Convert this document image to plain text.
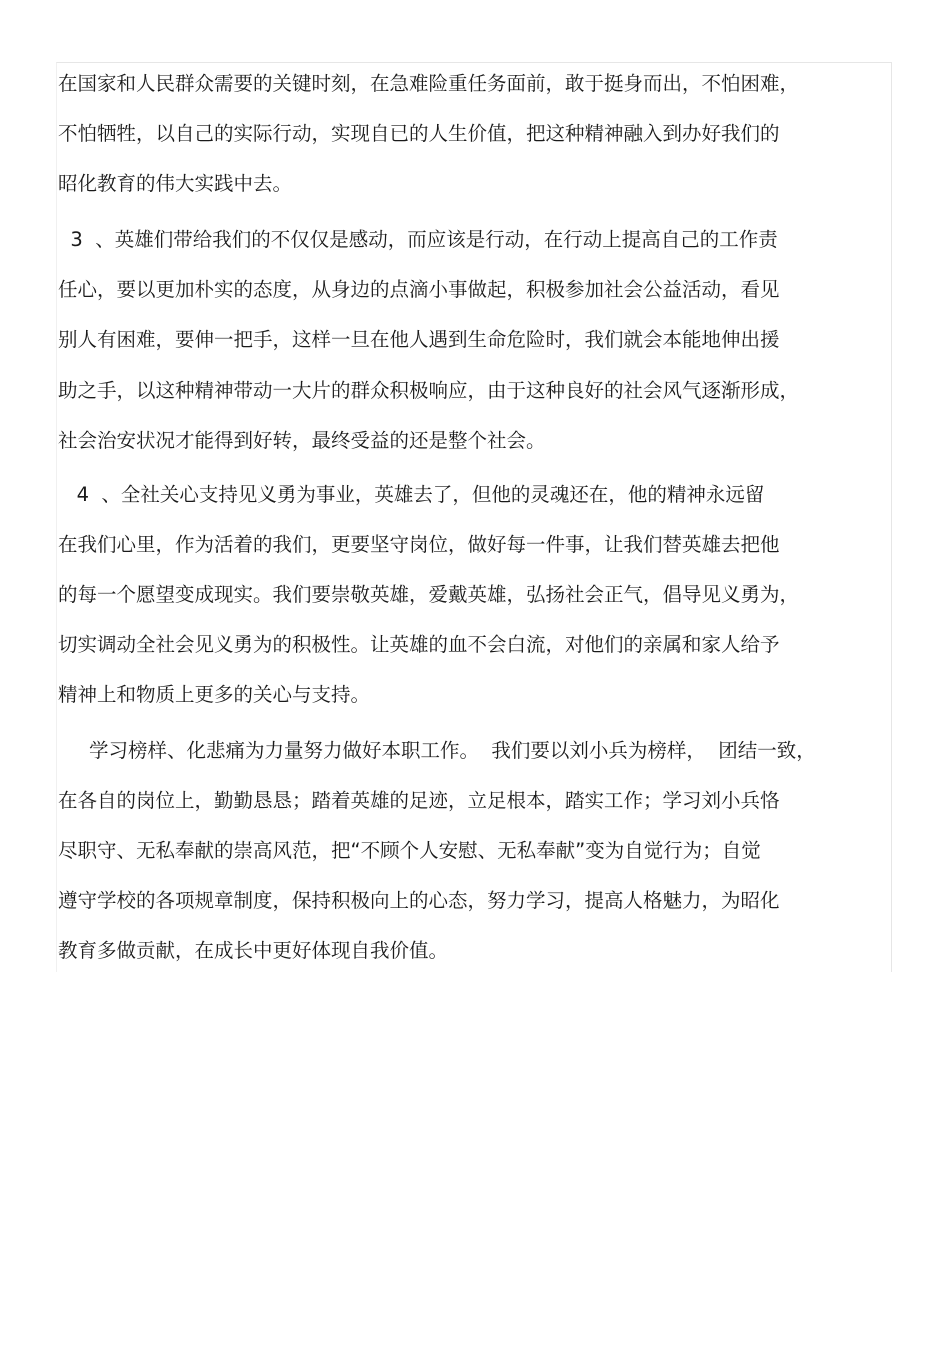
在国家和人民群众需要的关键时刻，在急难险重任务面前，敢于挺身而出，不怕困难，
不怕牺牲，以自己的实际行动，实现自已的人生价值，把这种精神融入到办好我们的
昭化教育的伟大实践中去。
3  、英雄们带给我们的不仅仅是感动，而应该是行动，在行动上提高自己的工作责
任心，要以更加朴实的态度，从身边的点滴小事做起，积极参加社会公益活动，看见
别人有困难，要伸一把手，这样一旦在他人遇到生命危险时，我们就会本能地伸出援
助之手，以这种精神带动一大片的群众积极响应，由于这种良好的社会风气逐渐形成，
社会治安状况才能得到好转，最终受益的还是整个社会。
4  、全社关心支持见义勇为事业，英雄去了，但他的灵魂还在，他的精神永远留
在我们心里，作为活着的我们，更要坚守岗位，做好每一件事，让我们替英雄去把他
的每一个愿望变成现实。我们要崇敬英雄，爱戴英雄，弘扬社会正气，倡导见义勇为，
切实调动全社会见义勇为的积极性。让英雄的血不会白流，对他们的亲属和家人给予
精神上和物质上更多的关心与支持。
学习榜样、化悲痛为力量努力做好本职工作。  我们要以刘小兵为榜样，  团结一致，
在各自的岗位上，勤勤恳恳；踏着英雄的足迹，立足根本，踏实工作；学习刘小兵恪
尽职守、无私奉献的崇高风范，把“不顾个人安慰、无私奉献”变为自觉行为；自觉
遵守学校的各项规章制度，保持积极向上的心态，努力学习，提高人格魅力，为昭化
教育多做贡献，在成长中更好体现自我价值。
